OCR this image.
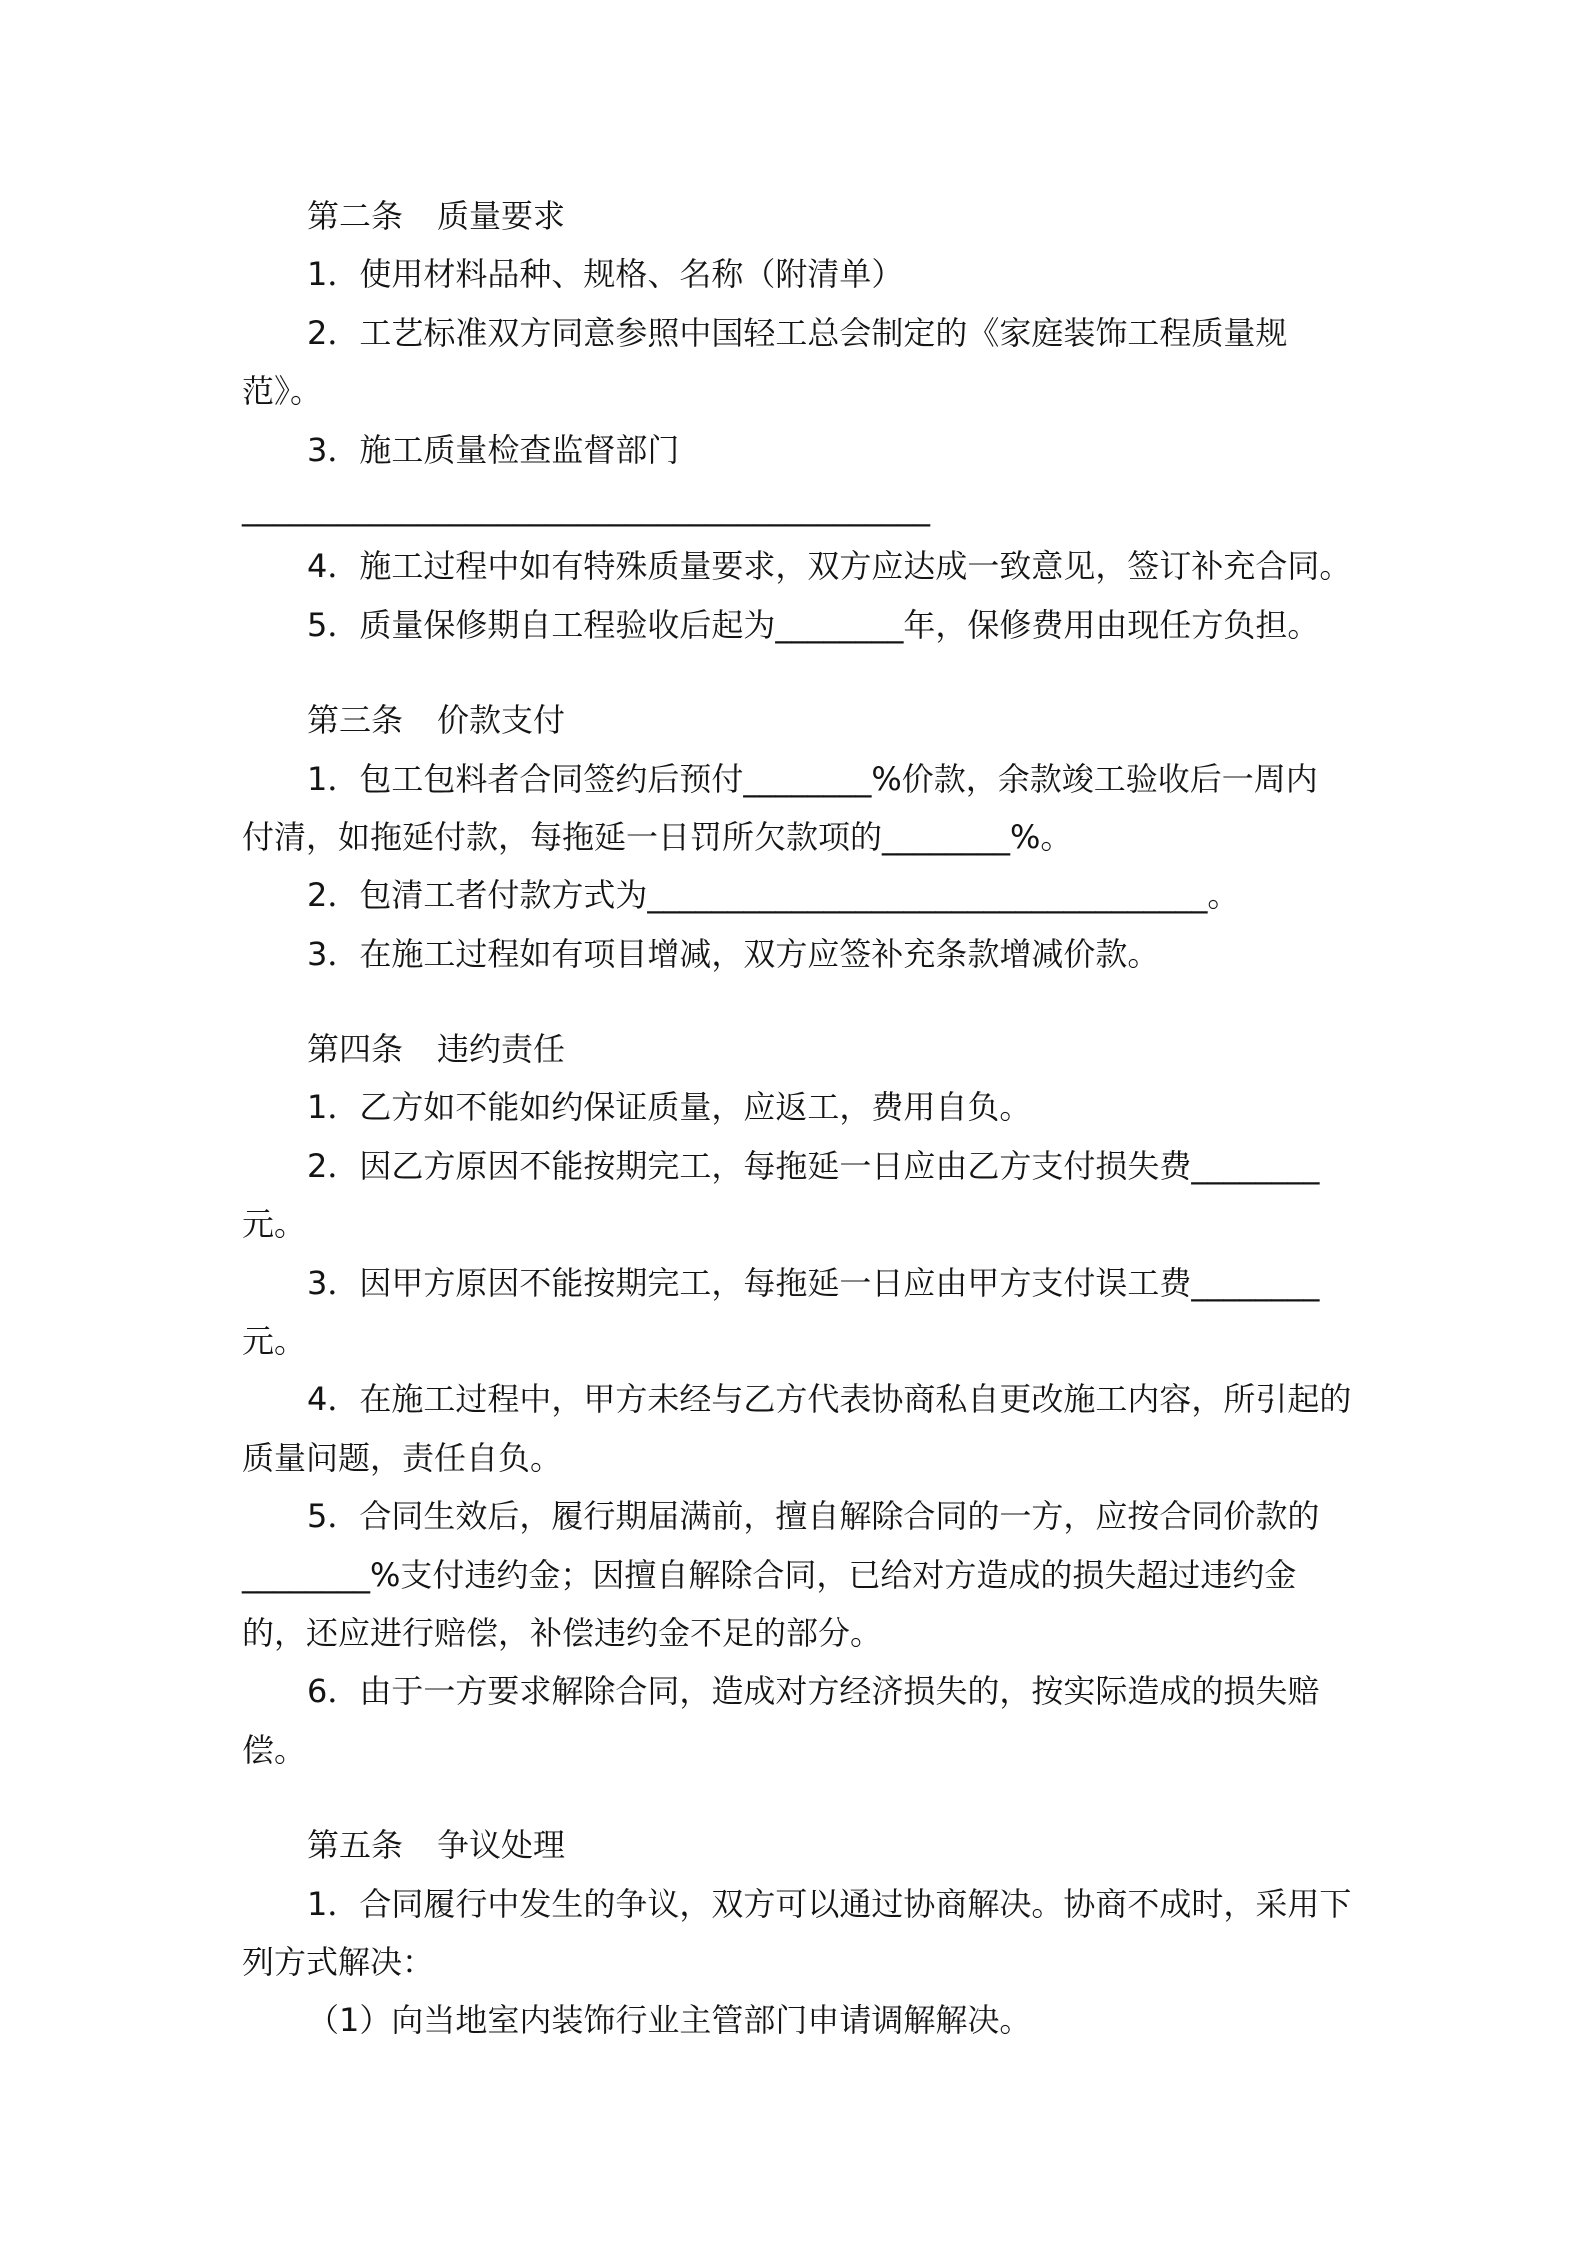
第二条 质量要求
1．使用材料品种、规格、名称（附清单）
2．工艺标准双方同意参照中国轻工总会制定的《家庭装饰工程质量规
范》。
3．施工质量检查监督部门
___________________________________________
4．施工过程中如有特殊质量要求，双方应达成一致意见，签订补充合同。
5．质量保修期自工程验收后起为________年，保修费用由现任方负担。
第三条 价款支付
1．包工包料者合同签约后预付________%价款，余款竣工验收后一周内
付清，如拖延付款，每拖延一日罚所欠款项的________%。
2．包清工者付款方式为___________________________________。
3．在施工过程如有项目增减，双方应签补充条款增减价款。
第四条 违约责任
1．乙方如不能如约保证质量，应返工，费用自负。
2．因乙方原因不能按期完工，每拖延一日应由乙方支付损失费________
元。
3．因甲方原因不能按期完工，每拖延一日应由甲方支付误工费________
元。
4．在施工过程中，甲方未经与乙方代表协商私自更改施工内容，所引起的
质量问题，责任自负。
5．合同生效后，履行期届满前，擅自解除合同的一方，应按合同价款的
________%支付违约金；因擅自解除合同，已给对方造成的损失超过违约金
的，还应进行赔偿，补偿违约金不足的部分。
6．由于一方要求解除合同，造成对方经济损失的，按实际造成的损失赔
偿。
第五条 争议处理
1．合同履行中发生的争议，双方可以通过协商解决。协商不成时，采用下
列方式解决：
（1）向当地室内装饰行业主管部门申请调解解决。
